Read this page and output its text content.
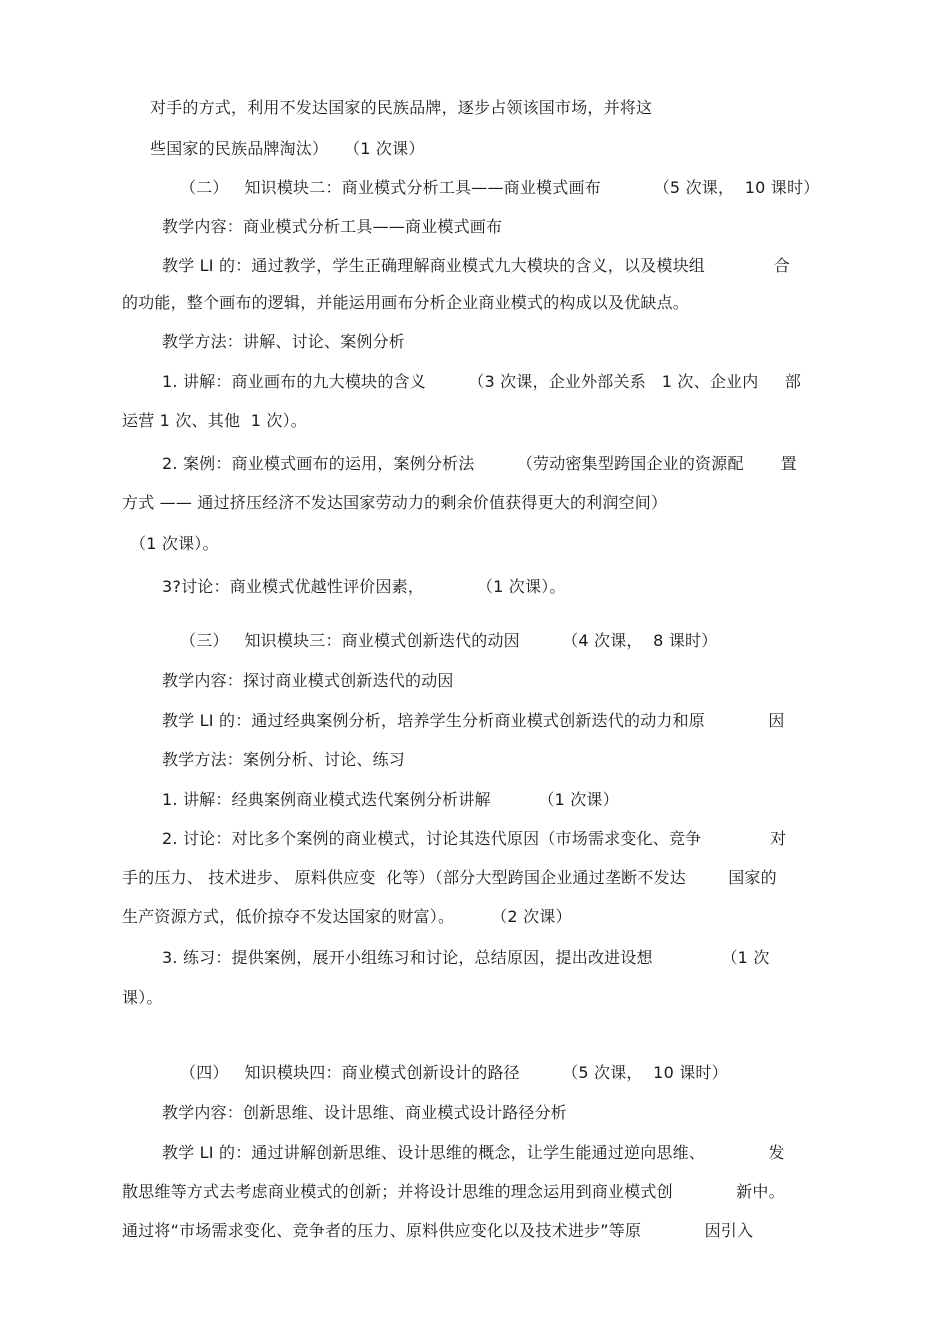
对手的方式，利用不发达国家的民族品牌，逐步占领该国市场，并将这
些国家的民族品牌淘汰）   （1 次课）
（二）   知识模块二：商业模式分析工具——商业模式画布          （5 次课，  10 课时）
教学内容：商业模式分析工具——商业模式画布
教学 LI 的：通过教学，学生正确理解商业模式九大模块的含义，以及模块组             合
的功能，整个画布的逻辑，并能运用画布分析企业商业模式的构成以及优缺点。
教学方法：讲解、讨论、案例分析
1. 讲解：商业画布的九大模块的含义        （3 次课，企业外部关系   1 次、企业内     部
运营 1 次、其他  1 次）。
2. 案例：商业模式画布的运用，案例分析法        （劳动密集型跨国企业的资源配       置
方式 —— 通过挤压经济不发达国家劳动力的剩余价值获得更大的利润空间）
（1 次课）。
3?讨论：商业模式优越性评价因素，          （1 次课）。
（三）   知识模块三：商业模式创新迭代的动因        （4 次课，  8 课时）
教学内容：探讨商业模式创新迭代的动因
教学 LI 的：通过经典案例分析，培养学生分析商业模式创新迭代的动力和原            因
教学方法：案例分析、讨论、练习
1. 讲解：经典案例商业模式迭代案例分析讲解         （1 次课）
2. 讨论：对比多个案例的商业模式，讨论其迭代原因（市场需求变化、竞争             对
手的压力、 技术进步、 原料供应变  化等）（部分大型跨国企业通过垄断不发达        国家的
生产资源方式，低价掠夺不发达国家的财富）。       （2 次课）
3. 练习：提供案例，展开小组练习和讨论，总结原因，提出改进设想             （1 次
课）。
（四）   知识模块四：商业模式创新设计的路径        （5 次课，  10 课时）
教学内容：创新思维、设计思维、商业模式设计路径分析
教学 LI 的：通过讲解创新思维、设计思维的概念，让学生能通过逆向思维、            发
散思维等方式去考虑商业模式的创新；并将设计思维的理念运用到商业模式创            新中。
通过将“市场需求变化、竞争者的压力、原料供应变化以及技术进步”等原            因引入
